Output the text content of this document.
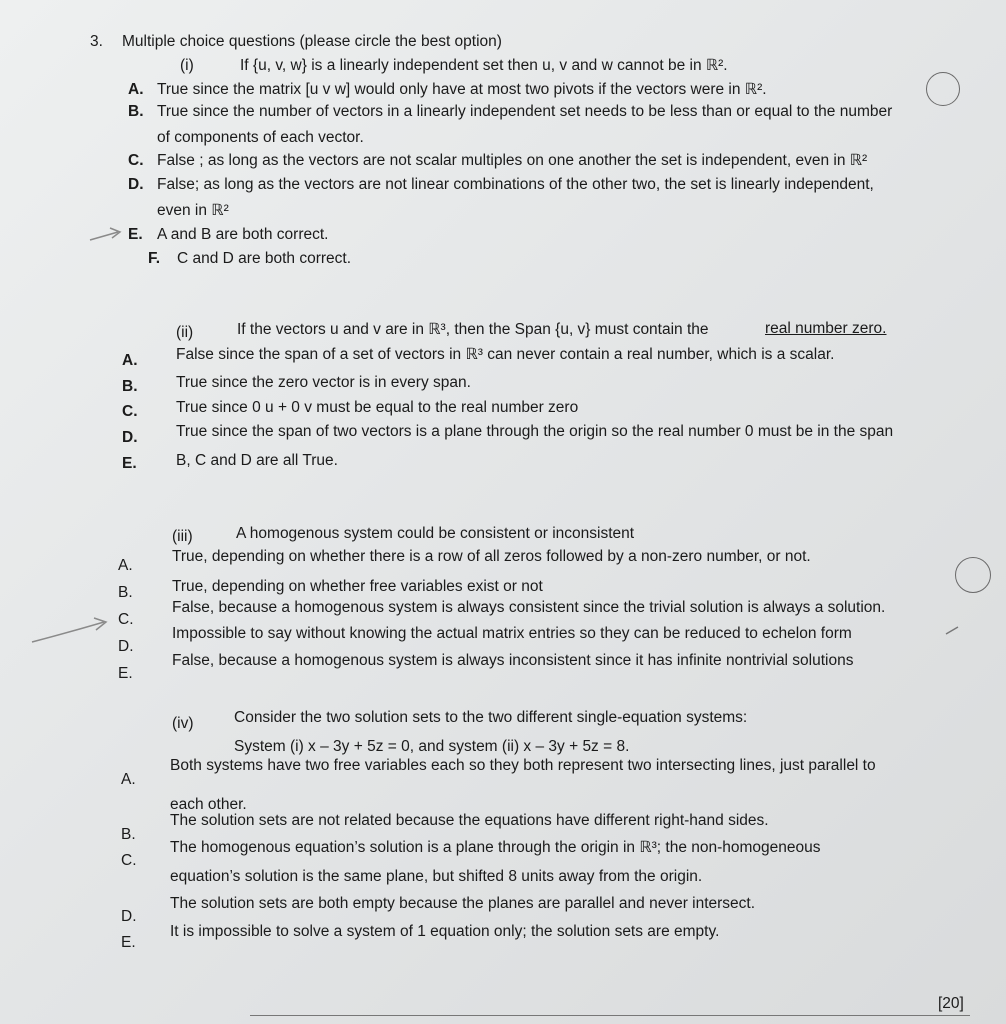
3. Multiple choice questions (please circle the best option)
(i)	If {u, v, w} is a linearly independent set then u, v and w cannot be in ℝ².
A. True since the matrix [u v w] would only have at most two pivots if the vectors were in ℝ².
B. True since the number of vectors in a linearly independent set needs to be less than or equal to the number
of components of each vector.
C. False ; as long as the vectors are not scalar multiples on one another the set is independent, even in ℝ²
D. False; as long as the vectors are not linear combinations of the other two, the set is linearly independent,
even in ℝ²
E. A and B are both correct.
F. C and D are both correct.
(ii)	If the vectors u and v are in ℝ³, then the Span {u, v} must contain the	real number zero.
A. False since the span of a set of vectors in ℝ³ can never contain a real number, which is a scalar.
B. True since the zero vector is in every span.
C. True since 0 u + 0 v must be equal to the real number zero
D. True since the span of two vectors is a plane through the origin so the real number 0 must be in the span
E.	B, C and D are all True.
(iii)	A homogenous system could be consistent or inconsistent
A.
True, depending on whether there is a row of all zeros followed by a non-zero number, or not.
B.	True, depending on whether free variables exist or not
C.
False, because a homogenous system is always consistent since the trivial solution is always a solution.
D.
Impossible to say without knowing the actual matrix entries so they can be reduced to echelon form
E.
False, because a homogenous system is always inconsistent since it has infinite nontrivial solutions
(iv)	Consider the two solution sets to the two different single-equation systems:
System (i) x – 3y + 5z = 0, and system (ii) x – 3y + 5z = 8.
A.
Both systems have two free variables each so they both represent two intersecting lines, just parallel to
each other.
B.
The solution sets are not related because the equations have different right-hand sides.
C.
The homogenous equation’s solution is a plane through the origin in ℝ³; the non-homogeneous
equation’s solution is the same plane, but shifted 8 units away from the origin.
D.
The solution sets are both empty because the planes are parallel and never intersect.
E.
It is impossible to solve a system of 1 equation only; the solution sets are empty.
[20]
